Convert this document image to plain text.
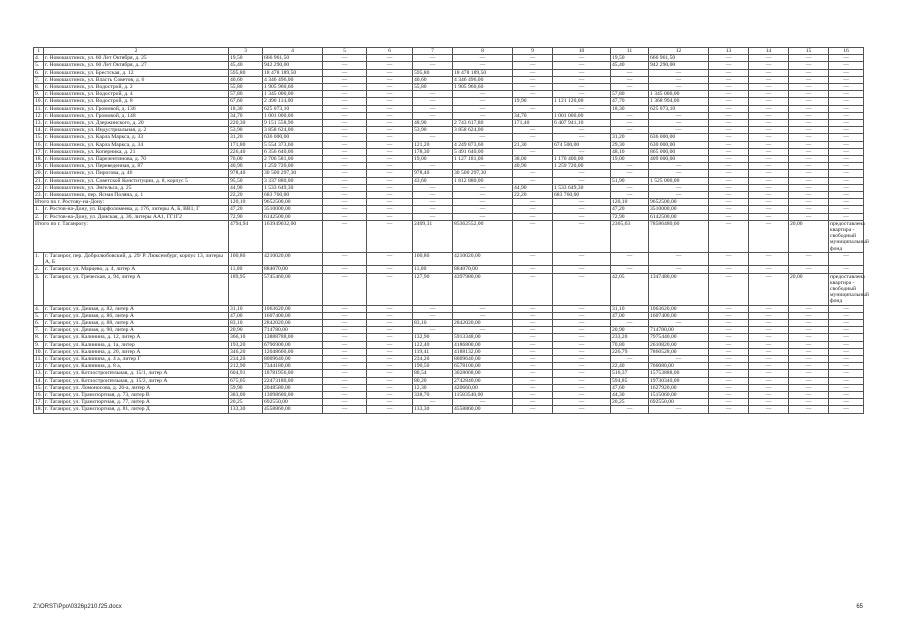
1	2	3	4	5	6	7	8	9	10	11	12	13	14	15	16
4.	г. Новошахтинск, ул. 60 Лет Октября, д. 25	19,50	666 961,50	—	—	—	—	—	—	19,50	666 961,50	—	—	—	—
5.	г. Новошахтинск, ул. 60 Лет Октября, д. 27	45,40	942 290,00	—	—	—	—	—	—	45,40	942 290,00	—	—	—	—
6.	г. Новошахтинск, ул. Брестская, д. 12	595,80	18 478 189,50	—	—	595,80	18 478 189,50	—	—	—	—	—	—	—	—
7.	г. Новошахтинск, ул. Власть Советов, д. 6	40,60	4 346 496,00	—	—	40,60	4 346 496,00	—	—	—	—	—	—	—	—
8.	г. Новошахтинск, ул. Водострой, д. 2	55,80	1 905 960,60	—	—	55,80	1 905 960,60	—	—	—	—	—	—	—	—
9.	г. Новошахтинск, ул. Водострой, д. 4	57,80	1 345 000,00	—	—	—	—	—	—	57,80	1 345 000,00	—	—	—	—
10.	г. Новошахтинск, ул. Водострой, д. 8	67,60	2 490 114,00	—	—	—	—	19,90	1 121 120,00	47,70	1 368 994,00	—	—	—	—
11.	г. Новошахтинск, ул. Громовой, д. 136	18,30	625 073,10	—	—	—	—	—	—	18,30	625 073,10	—	—	—	—
12.	г. Новошахтинск, ул. Громовой, д. 148	34,70	1 001 000,00	—	—	—	—	34,70	1 001 000,00	—	—	—	—	—	—
13.	г. Новошахтинск, ул. Дзержинского, д. 20	220,30	9 151 558,90	—	—	48,90	2 743 617,80	171,40	6 407 941,10	—	—	—	—	—	—
14.	г. Новошахтинск, ул. Индустриальная, д. 2	53,90	3 858 624,00	—	—	53,90	3 858 624,00	—	—	—	—	—	—	—	—
15.	г. Новошахтинск, ул. Карла Маркса, д. 33	31,20	636 000,00	—	—	—	—	—	—	31,20	636 000,00	—	—	—	—
16.	г. Новошахтинск, ул. Карла Маркса, д. 34	171,80	5 554 373,60	—	—	121,20	4 249 873,60	21,30	674 500,00	29,30	630 000,00	—	—	—	—
17.	г. Новошахтинск, ул. Коперника, д. 21	226,40	6 356 640,00	—	—	178,30	5 491 640,00	—	—	48,10	865 000,00	—	—	—	—
18.	г. Новошахтинск, ул. Парелентинова, д. 70	76,00	2 706 581,00	—	—	19,00	1 127 181,00	38,00	1 170 400,00	19,00	409 000,00	—	—	—	—
19.	г. Новошахтинск, ул. Переведенная, д. 87	40,90	1 259 720,00	—	—	—	—	40,90	1 259 720,00	—	—	—	—	—	—
20.	г. Новошахтинск, ул. Пирогова, д. 46	978,40	30 500 297,30	—	—	978,40	30 500 297,30	—	—	—	—	—	—	—	—
21.	г. Новошахтинск, ул. Советской Конституции, д. 8, корпус 5	95,50	3 337 880,00	—	—	43,60	1 812 880,00	—	—	51,90	1 525 000,00	—	—	—	—
22.	г. Новошахтинск, ул. Энгельса, д. 25	44,90	1 533 649,30	—	—	—	—	44,90	1 533 649,30	—	—	—	—	—	—
23.	г. Новошахтинск, пер. Ясная Поляна, д. 1	22,20	683 760,00	—	—	—	—	22,20	683 760,00	—	—	—	—	—	—
Итого по г. Ростову-на-Дону:		120,10	9652500,00	—	—	—	—	—	—	120,10	9652500,00	—	—	—	—
1.	г. Ростов-на-Дону, ул. Варфоломеева, д. 176, литеры А, Б, ВВ1, Г	47,20	3510000,00	—	—	—	—	—	—	47,20	3510000,00	—	—	—	—
2.	г. Ростов-на-Дону, ул. Донская, д. 36, литеры АА1, ГГ1Г2	72,90	6142500,00	—	—	—	—	—	—	72,90	6142500,00	—	—	—	—
Итого по г. Таганрогу:		4794,94	163949032,00	—	—	2409,31	85362552,00	—	—	2365,63	78586480,00	—	—	20,00	предоставлена квартира - свободный муниципальный фонд
1.	г. Таганрог, пер. Добролюбовский, д. 29/ Р. Люксембург, корпус 13, литеры А, Б	100,80	4210020,00	—	—	100,80	4210020,00	—	—	—	—	—	—	—	—
2.	г. Таганрог, ул. Марцево, д. 4, литер А	11,00	884070,00	—	—	11,00	884070,00	—	—	—	—	—	—	—	—
3.	г. Таганрог, ул. Греческая, д. 94, литер А	189,95	5745460,00	—	—	127,90	4397980,00	—	—	42,05	1347480,00	—	—	20,00	предоставлена квартира - свободный муниципальный фонд
4.	г. Таганрог, ул. Дачная, д. 82, литер А	31,10	1063620,00	—	—	—	—	—	—	31,10	1063620,00	—	—	—	—
5.	г. Таганрог, ул. Дачная, д. 86, литер А	47,00	1607400,00	—	—	—	—	—	—	47,00	1607400,00	—	—	—	—
6.	г. Таганрог, ул. Дачная, д. 88, литер А	83,10	2842020,00	—	—	83,10	2842020,00	—	—	—	—	—	—	—	—
7.	г. Таганрог, ул. Дачная, д. 90, литер А	20,90	714780,00	—	—	—	—	—	—	20,90	714780,00	—	—	—	—
8.	г. Таганрог, ул. Калинина, д. 12, литер А	366,10	13888788,00	—	—	132,90	5913348,00	—	—	233,20	7975440,00	—	—	—	—
9.	г. Таганрог, ул. Калинина, д. 1а, литер	193,20	6796900,00	—	—	122,40	4186800,00	—	—	70,80	2610820,00	—	—	—	—
10.	г. Таганрог, ул. Калинина, д. 20, литер А	346,20	12048660,00	—	—	119,41	4188132,00	—	—	226,79	7860528,00	—	—	—	—
11.	г. Таганрог, ул. Калинина, д. 4 а, литер Г	234,20	8009640,00	—	—	234,20	8009640,00	—	—	—	—	—	—	—	—
12.	г. Таганрог, ул. Калинина, д. 8 а,	212,90	7344180,00	—	—	190,50	6578100,00	—	—	22,40	766080,00	—	—	—	—
13.	г. Таганрог, ул. Котлостроительная, д. 15/1, литер А	604,91	18781956,00	—	—	88,54	3028068,00	—	—	516,37	15753888,00	—	—	—	—
14.	г. Таганрог, ул. Котлостроительная, д. 15/2, литер А	675,05	22473180,00	—	—	80,20	2742840,00	—	—	594,85	19730340,00	—	—	—	—
15.	г. Таганрог, ул. Ломоносова, д. 26-а, литер А	59,90	2048580,00	—	—	12,30	420660,00	—	—	47,60	1627920,00	—	—	—	—
16.	г. Таганрог, ул. Транспортная, д. 73, литер В	383,00	13098600,00	—	—	338,70	11583540,00	—	—	44,30	1515060,00	—	—	—	—
17.	г. Таганрог, ул. Транспортная, д. 77, литер А	20,25	692550,00	—	—	—	—	—	—	20,25	692550,00	—	—	—	—
18.	г. Таганрог, ул. Транспортная, д. 81, литер Д	133,30	4558860,00	—	—	133,30	4558860,00	—	—	—	—	—	—	—	—
Z:\ORST\Ppo\0326p210.f25.docx	65
